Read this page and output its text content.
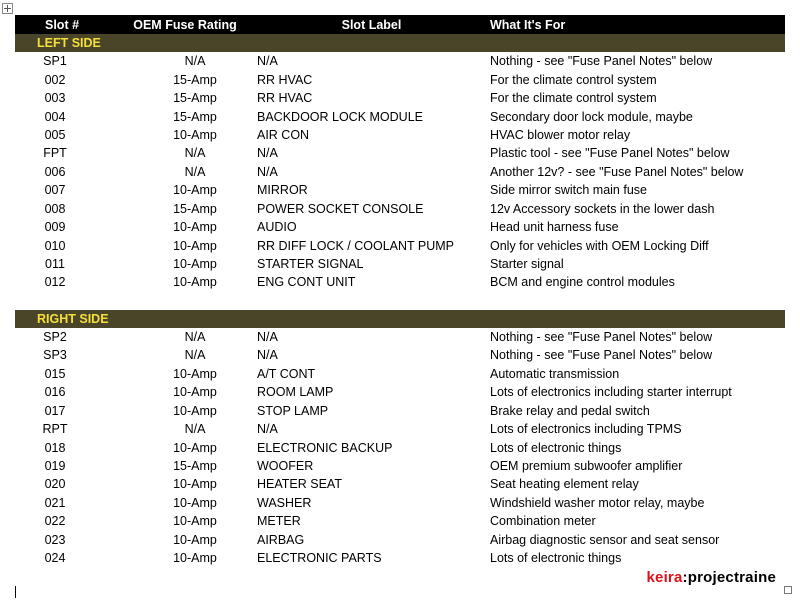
Slot #	OEM Fuse Rating	Slot Label	What It's For
LEFT SIDE			
SP1	N/A	N/A	Nothing - see "Fuse Panel Notes" below
002	15-Amp	RR HVAC	For the climate control system
003	15-Amp	RR HVAC	For the climate control system
004	15-Amp	BACKDOOR LOCK MODULE	Secondary door lock module, maybe
005	10-Amp	AIR CON	HVAC blower motor relay
FPT	N/A	N/A	Plastic tool - see "Fuse Panel Notes" below
006	N/A	N/A	Another 12v? - see "Fuse Panel Notes" below
007	10-Amp	MIRROR	Side mirror switch main fuse
008	15-Amp	POWER SOCKET CONSOLE	12v Accessory sockets in the lower dash
009	10-Amp	AUDIO	Head unit harness fuse
010	10-Amp	RR DIFF LOCK / COOLANT PUMP	Only for vehicles with OEM Locking Diff
011	10-Amp	STARTER SIGNAL	Starter signal
012	10-Amp	ENG CONT UNIT	BCM and engine control modules

RIGHT SIDE			
SP2	N/A	N/A	Nothing - see "Fuse Panel Notes" below
SP3	N/A	N/A	Nothing - see "Fuse Panel Notes" below
015	10-Amp	A/T CONT	Automatic transmission
016	10-Amp	ROOM LAMP	Lots of electronics including starter interrupt
017	10-Amp	STOP LAMP	Brake relay and pedal switch
RPT	N/A	N/A	Lots of electronics including TPMS
018	10-Amp	ELECTRONIC BACKUP	Lots of electronic things
019	15-Amp	WOOFER	OEM premium subwoofer amplifier
020	10-Amp	HEATER SEAT	Seat heating element relay
021	10-Amp	WASHER	Windshield washer motor relay, maybe
022	10-Amp	METER	Combination meter
023	10-Amp	AIRBAG	Airbag diagnostic sensor and seat sensor
024	10-Amp	ELECTRONIC PARTS	Lots of electronic things
keira:projectraine
